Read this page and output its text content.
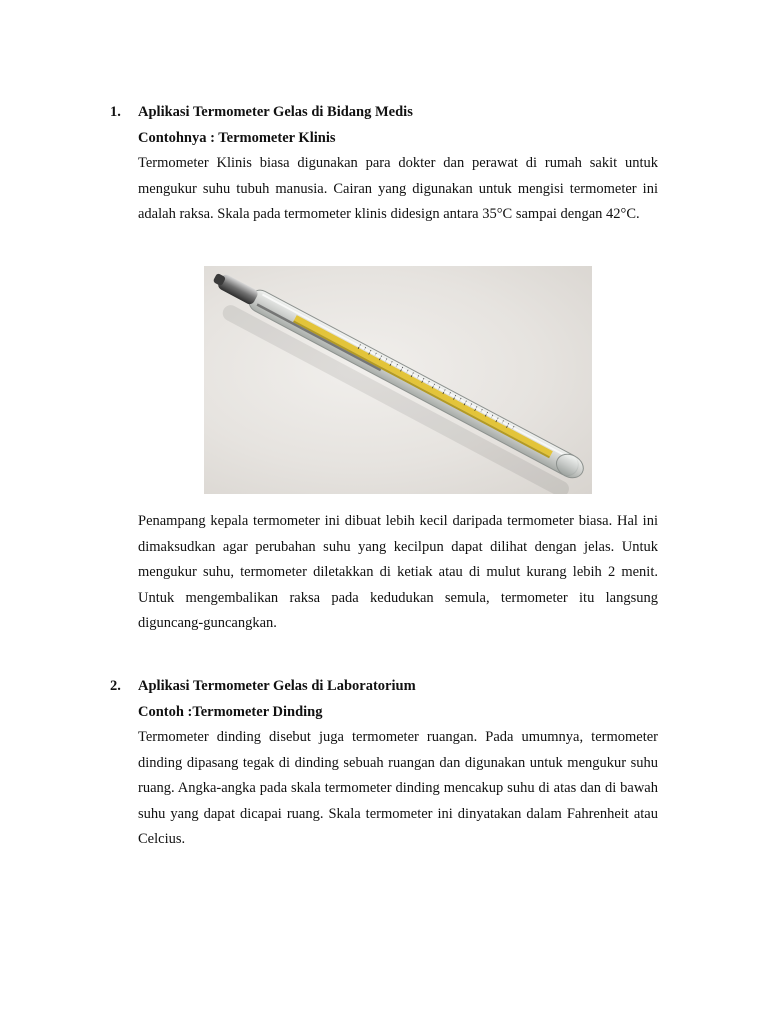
1. Aplikasi Termometer Gelas di Bidang Medis
Contohnya : Termometer Klinis

Termometer Klinis biasa digunakan para dokter dan perawat di rumah sakit untuk mengukur suhu tubuh manusia. Cairan yang digunakan untuk mengisi termometer ini adalah raksa. Skala pada termometer klinis didesign antara 35°C sampai dengan 42°C.

Penampang kepala termometer ini dibuat lebih kecil daripada termometer biasa. Hal ini dimaksudkan agar perubahan suhu yang kecilpun dapat dilihat dengan jelas. Untuk mengukur suhu, termometer diletakkan di ketiak atau di mulut kurang lebih 2 menit. Untuk mengembalikan raksa pada kedudukan semula, termometer itu langsung diguncang-guncangkan.

2. Aplikasi Termometer Gelas di Laboratorium
Contoh :Termometer Dinding

Termometer dinding disebut juga termometer ruangan. Pada umumnya, termometer dinding dipasang tegak di dinding sebuah ruangan dan digunakan untuk mengukur suhu ruang. Angka-angka pada skala termometer dinding mencakup suhu di atas dan di bawah suhu yang dapat dicapai ruang. Skala termometer ini dinyatakan dalam Fahrenheit atau Celcius.
